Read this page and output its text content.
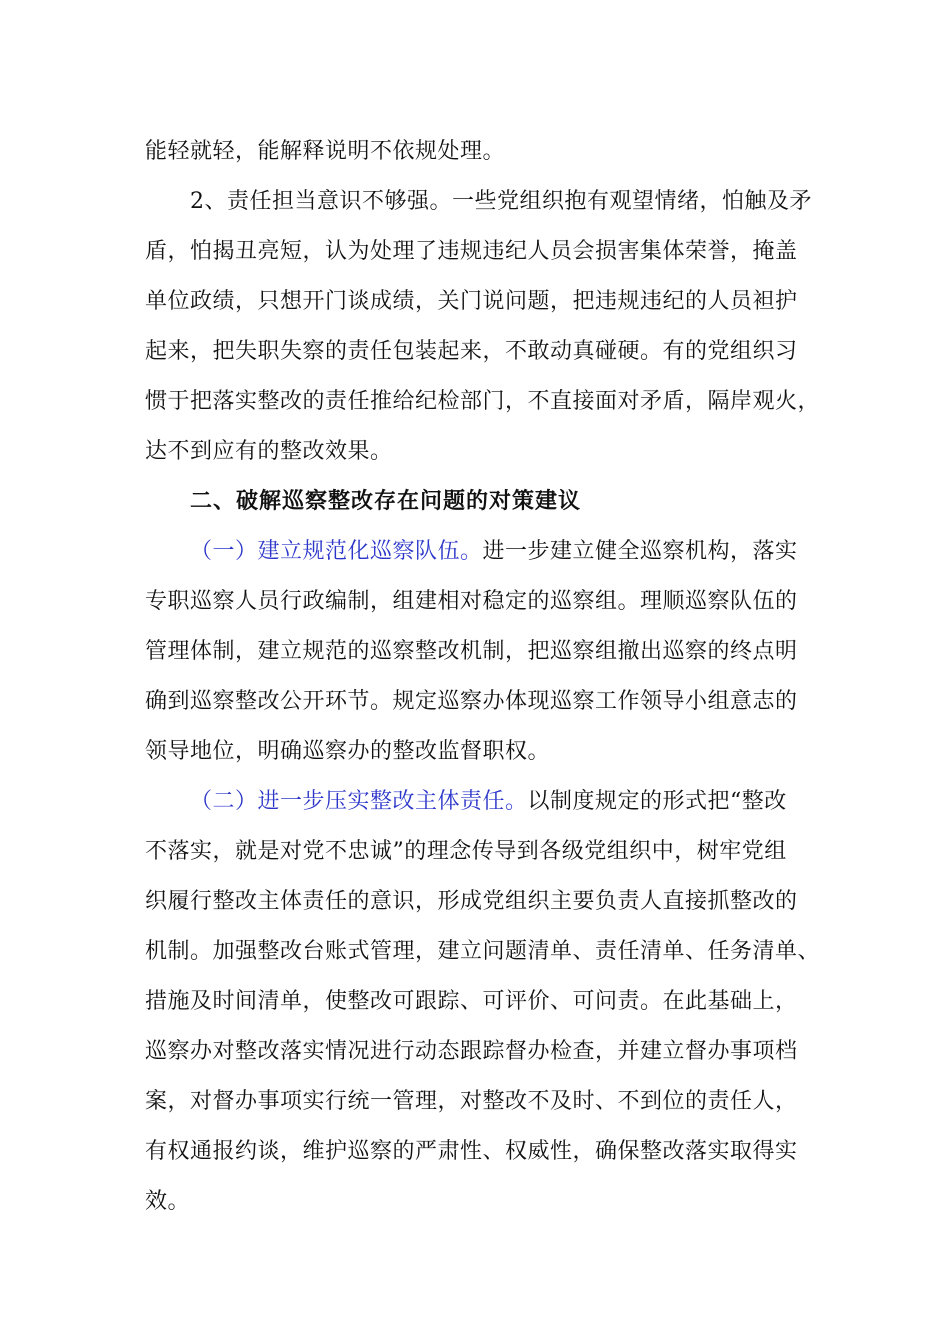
能轻就轻，能解释说明不依规处理。
2、责任担当意识不够强。一些党组织抱有观望情绪，怕触及矛
盾，怕揭丑亮短，认为处理了违规违纪人员会损害集体荣誉，掩盖
单位政绩，只想开门谈成绩，关门说问题，把违规违纪的人员袒护
起来，把失职失察的责任包装起来，不敢动真碰硬。有的党组织习
惯于把落实整改的责任推给纪检部门，不直接面对矛盾，隔岸观火，
达不到应有的整改效果。
二、破解巡察整改存在问题的对策建议
（一）建立规范化巡察队伍。进一步建立健全巡察机构，落实
专职巡察人员行政编制，组建相对稳定的巡察组。理顺巡察队伍的
管理体制，建立规范的巡察整改机制，把巡察组撤出巡察的终点明
确到巡察整改公开环节。规定巡察办体现巡察工作领导小组意志的
领导地位，明确巡察办的整改监督职权。
（二）进一步压实整改主体责任。以制度规定的形式把“整改
不落实，就是对党不忠诚”的理念传导到各级党组织中，树牢党组
织履行整改主体责任的意识，形成党组织主要负责人直接抓整改的
机制。加强整改台账式管理，建立问题清单、责任清单、任务清单、
措施及时间清单，使整改可跟踪、可评价、可问责。在此基础上，
巡察办对整改落实情况进行动态跟踪督办检查，并建立督办事项档
案，对督办事项实行统一管理，对整改不及时、不到位的责任人，
有权通报约谈，维护巡察的严肃性、权威性，确保整改落实取得实
效。
